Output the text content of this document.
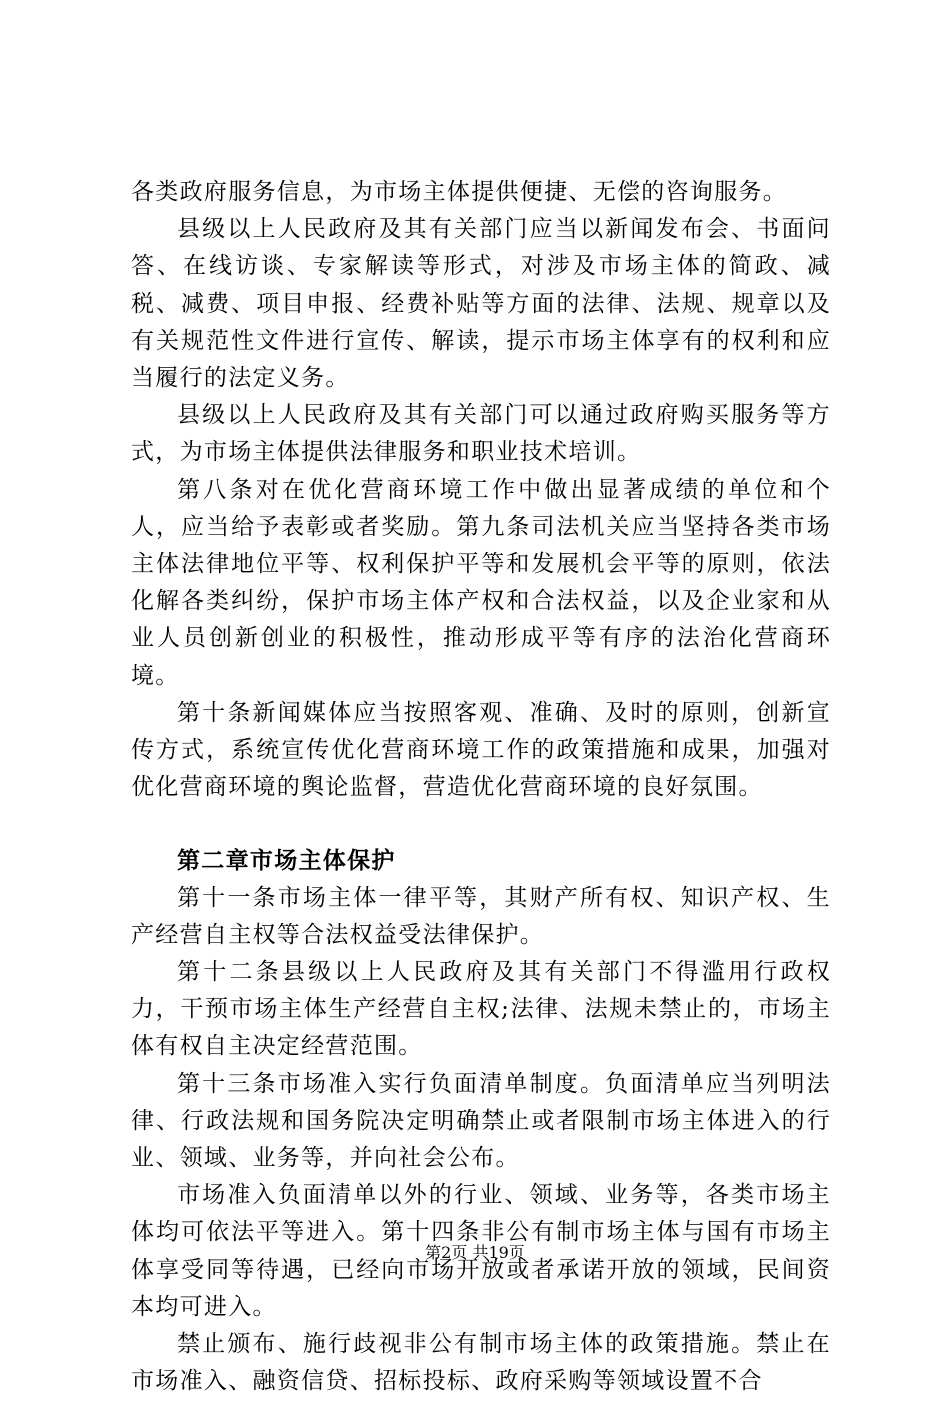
各类政府服务信息，为市场主体提供便捷、无偿的咨询服务。

县级以上人民政府及其有关部门应当以新闻发布会、书面问答、在线访谈、专家解读等形式，对涉及市场主体的简政、减税、减费、项目申报、经费补贴等方面的法律、法规、规章以及有关规范性文件进行宣传、解读，提示市场主体享有的权利和应当履行的法定义务。

县级以上人民政府及其有关部门可以通过政府购买服务等方式，为市场主体提供法律服务和职业技术培训。

第八条对在优化营商环境工作中做出显著成绩的单位和个人，应当给予表彰或者奖励。第九条司法机关应当坚持各类市场主体法律地位平等、权利保护平等和发展机会平等的原则，依法化解各类纠纷，保护市场主体产权和合法权益，以及企业家和从业人员创新创业的积极性，推动形成平等有序的法治化营商环境。

第十条新闻媒体应当按照客观、准确、及时的原则，创新宣传方式，系统宣传优化营商环境工作的政策措施和成果，加强对优化营商环境的舆论监督，营造优化营商环境的良好氛围。

第二章市场主体保护

第十一条市场主体一律平等，其财产所有权、知识产权、生产经营自主权等合法权益受法律保护。

第十二条县级以上人民政府及其有关部门不得滥用行政权力，干预市场主体生产经营自主权;法律、法规未禁止的，市场主体有权自主决定经营范围。

第十三条市场准入实行负面清单制度。负面清单应当列明法律、行政法规和国务院决定明确禁止或者限制市场主体进入的行业、领域、业务等，并向社会公布。

市场准入负面清单以外的行业、领域、业务等，各类市场主体均可依法平等进入。第十四条非公有制市场主体与国有市场主体享受同等待遇，已经向市场开放或者承诺开放的领域，民间资本均可进入。

禁止颁布、施行歧视非公有制市场主体的政策措施。禁止在市场准入、融资信贷、招标投标、政府采购等领域设置不合

第2页 共19页
